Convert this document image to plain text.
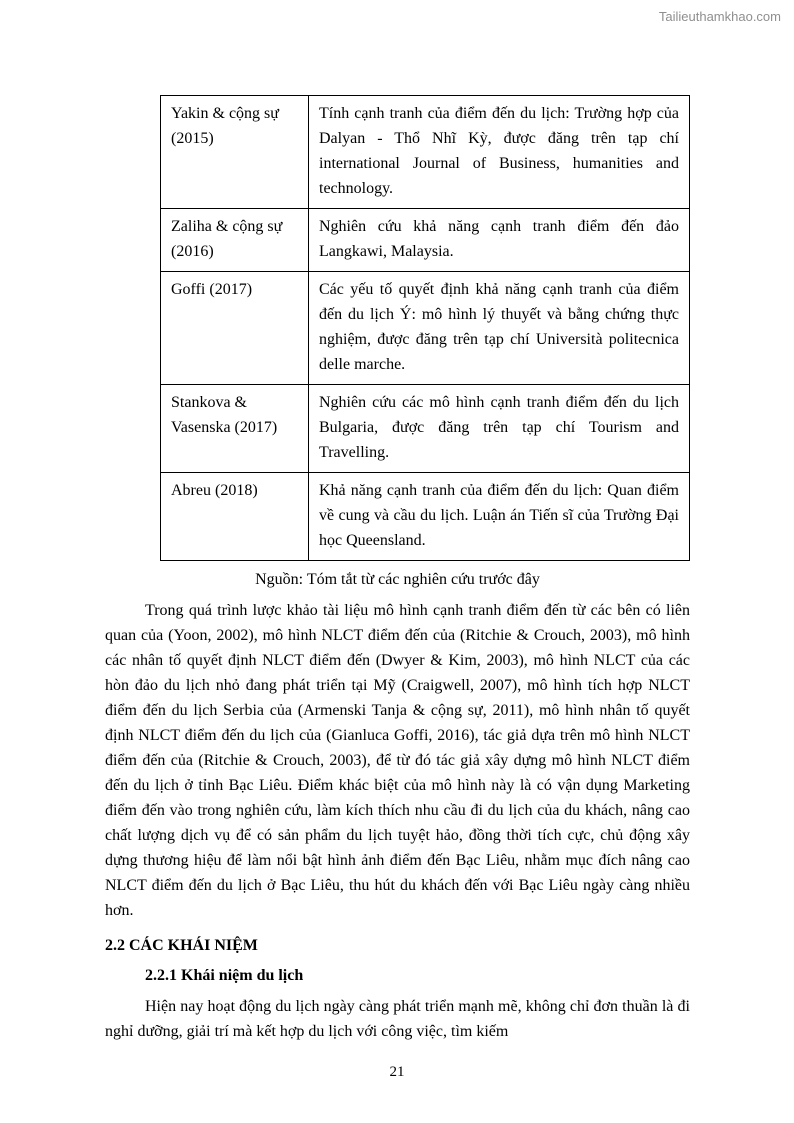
Tailieuthamkhao.com
Yakin & cộng sự (2015)	Tính cạnh tranh của điểm đến du lịch: Trường hợp của Dalyan - Thổ Nhĩ Kỳ, được đăng trên tạp chí international Journal of Business, humanities and technology.
Zaliha & cộng sự (2016)	Nghiên cứu khả năng cạnh tranh điểm đến đảo Langkawi, Malaysia.
Goffi (2017)	Các yếu tố quyết định khả năng cạnh tranh của điểm đến du lịch Ý: mô hình lý thuyết và bằng chứng thực nghiệm, được đăng trên tạp chí Università politecnica delle marche.
Stankova & Vasenska (2017)	Nghiên cứu các mô hình cạnh tranh điểm đến du lịch Bulgaria, được đăng trên tạp chí Tourism and Travelling.
Abreu (2018)	Khả năng cạnh tranh của điểm đến du lịch: Quan điểm về cung và cầu du lịch. Luận án Tiến sĩ của Trường Đại học Queensland.
Nguồn: Tóm tắt từ các nghiên cứu trước đây

Trong quá trình lược khảo tài liệu mô hình cạnh tranh điểm đến từ các bên có liên quan của (Yoon, 2002), mô hình NLCT điểm đến của (Ritchie & Crouch, 2003), mô hình các nhân tố quyết định NLCT điểm đến (Dwyer & Kim, 2003), mô hình NLCT của các hòn đảo du lịch nhỏ đang phát triển tại Mỹ (Craigwell, 2007), mô hình tích hợp NLCT điểm đến du lịch Serbia của (Armenski Tanja & cộng sự, 2011), mô hình nhân tố quyết định NLCT điểm đến du lịch của (Gianluca Goffi, 2016), tác giả dựa trên mô hình NLCT điểm đến của (Ritchie & Crouch, 2003), để từ đó tác giả xây dựng mô hình NLCT điểm đến du lịch ở tỉnh Bạc Liêu. Điểm khác biệt của mô hình này là có vận dụng Marketing điểm đến vào trong nghiên cứu, làm kích thích nhu cầu đi du lịch của du khách, nâng cao chất lượng dịch vụ để có sản phẩm du lịch tuyệt hảo, đồng thời tích cực, chủ động xây dựng thương hiệu để làm nổi bật hình ảnh điểm đến Bạc Liêu, nhằm mục đích nâng cao NLCT điểm đến du lịch ở Bạc Liêu, thu hút du khách đến với Bạc Liêu ngày càng nhiều hơn.

2.2 CÁC KHÁI NIỆM
2.2.1 Khái niệm du lịch

Hiện nay hoạt động du lịch ngày càng phát triển mạnh mẽ, không chỉ đơn thuần là đi nghỉ dưỡng, giải trí mà kết hợp du lịch với công việc, tìm kiếm

21
